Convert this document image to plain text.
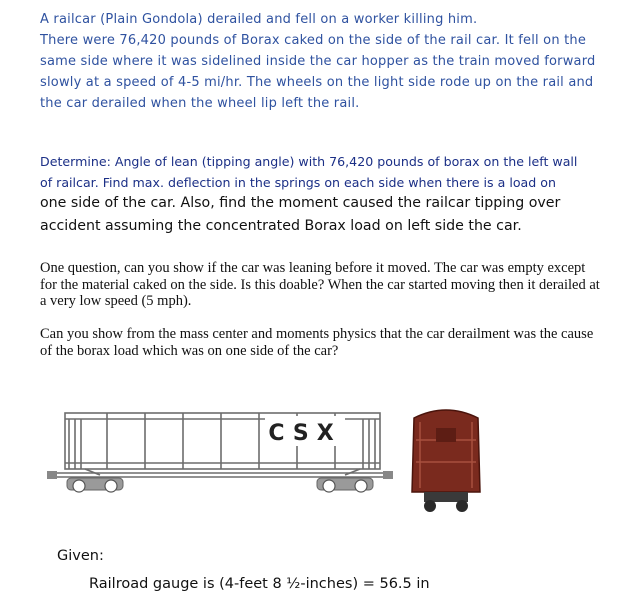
A railcar (Plain Gondola) derailed and fell on a worker killing him.
There were 76,420 pounds of Borax caked on the side of the rail car. It fell on the
same side where it was sidelined inside the car hopper as the train moved forward
slowly at a speed of 4-5 mi/hr. The wheels on the light side rode up on the rail and
the car derailed when the wheel lip left the rail.
Determine: Angle of lean (tipping angle) with 76,420 pounds of borax on the left wall
of railcar. Find max. deflection in the springs on each side when there is a load on
one side of the car. Also, find the moment caused the railcar tipping over
accident assuming the concentrated Borax load on left side the car.
One question, can you show if the car was leaning before it moved. The car was empty except
for the material caked on the side. Is this doable? When the car started moving then it derailed at
a very low speed (5 mph).
Can you show from the mass center and moments physics that the car derailment was the cause
of the borax load which was on one side of the car?
CSX
Given:
Railroad gauge is (4-feet 8 ½-inches) = 56.5 in
